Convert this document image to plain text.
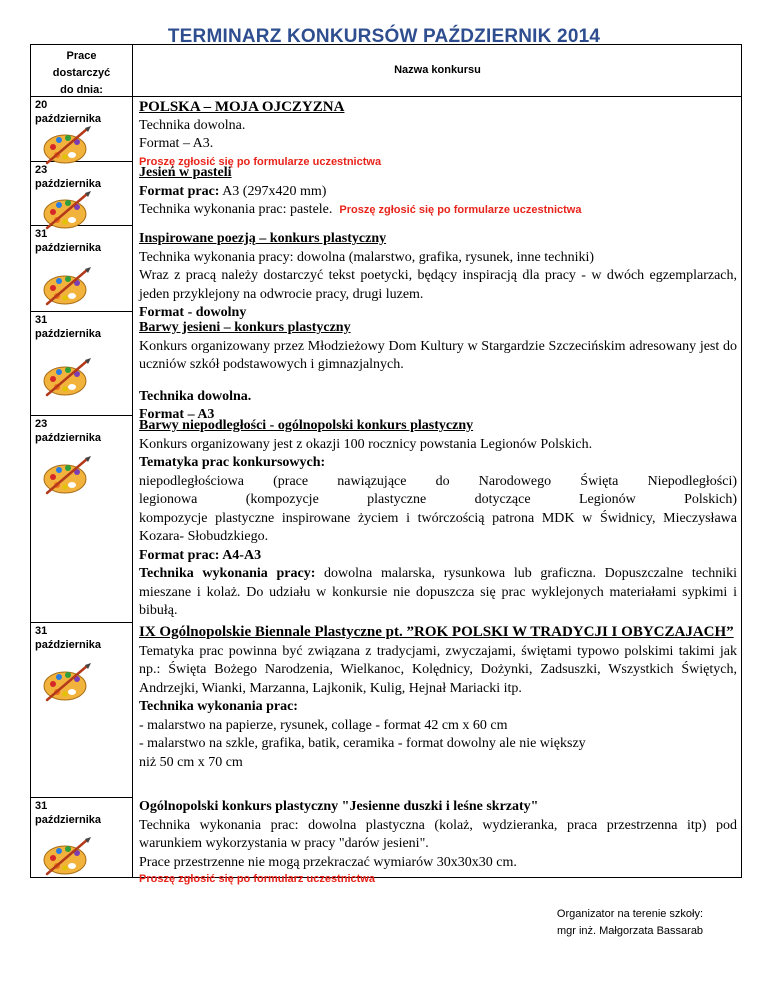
TERMINARZ KONKURSÓW PAŹDZIERNIK 2014
Prace
dostarczyć
do dnia:
Nazwa konkursu
20
października
23
października
31
października
31
października
23
października
31
października
31
października

POLSKA – MOJA OJCZYZNA

Technika dowolna.

Format – A3.

Proszę zgłosić się po formularze uczestnictwa

Jesień w pasteli

Format prac: A3 (297x420 mm)

Technika wykonania prac: pastele. Proszę zgłosić się po formularze uczestnictwa

Inspirowane poezją – konkurs plastyczny

Technika wykonania pracy: dowolna (malarstwo, grafika, rysunek, inne techniki)

Wraz z pracą należy dostarczyć tekst poetycki, będący inspiracją dla pracy - w dwóch egzemplarzach, jeden przyklejony na odwrocie pracy, drugi luzem.

Format - dowolny

Barwy jesieni – konkurs plastyczny

Konkurs organizowany przez Młodzieżowy Dom Kultury w Stargardzie Szczecińskim adresowany jest do uczniów szkół podstawowych i gimnazjalnych.

Technika dowolna.

Format – A3

Barwy niepodległości - ogólnopolski konkurs plastyczny

Konkurs organizowany jest z okazji 100 rocznicy powstania Legionów Polskich.

Tematyka prac konkursowych:

niepodległościowa (prace nawiązujące do Narodowego Święta Niepodległości)

legionowa (kompozycje plastyczne dotyczące Legionów Polskich)

kompozycje plastyczne inspirowane życiem i twórczością patrona MDK w Świdnicy, Mieczysława Kozara- Słobudzkiego.

Format prac: A4-A3

Technika wykonania pracy: dowolna malarska, rysunkowa lub graficzna. Dopuszczalne techniki mieszane i kolaż. Do udziału w konkursie nie dopuszcza się prac wyklejonych materiałami sypkimi i bibułą.

IX Ogólnopolskie Biennale Plastyczne pt. ”ROK POLSKI W TRADYCJI I OBYCZAJACH”

Tematyka prac powinna być związana z tradycjami, zwyczajami, świętami typowo polskimi takimi jak np.: Święta Bożego Narodzenia, Wielkanoc, Kolędnicy, Dożynki, Zadsuszki, Wszystkich Świętych, Andrzejki, Wianki, Marzanna, Lajkonik, Kulig, Hejnał Mariacki itp.

Technika wykonania prac:

- malarstwo na papierze, rysunek, collage - format 42 cm x 60 cm

- malarstwo na szkle, grafika, batik, ceramika - format dowolny ale nie większy

niż 50 cm x 70 cm

Ogólnopolski konkurs plastyczny "Jesienne duszki i leśne skrzaty"

Technika wykonania prac: dowolna plastyczna (kolaż, wydzieranka, praca przestrzenna itp) pod warunkiem wykorzystania w pracy "darów jesieni".

Prace przestrzenne nie mogą przekraczać wymiarów 30x30x30 cm.

Proszę zgłosić się po formularz uczestnictwa

Organizator na terenie szkoły:
mgr inż. Małgorzata Bassarab
